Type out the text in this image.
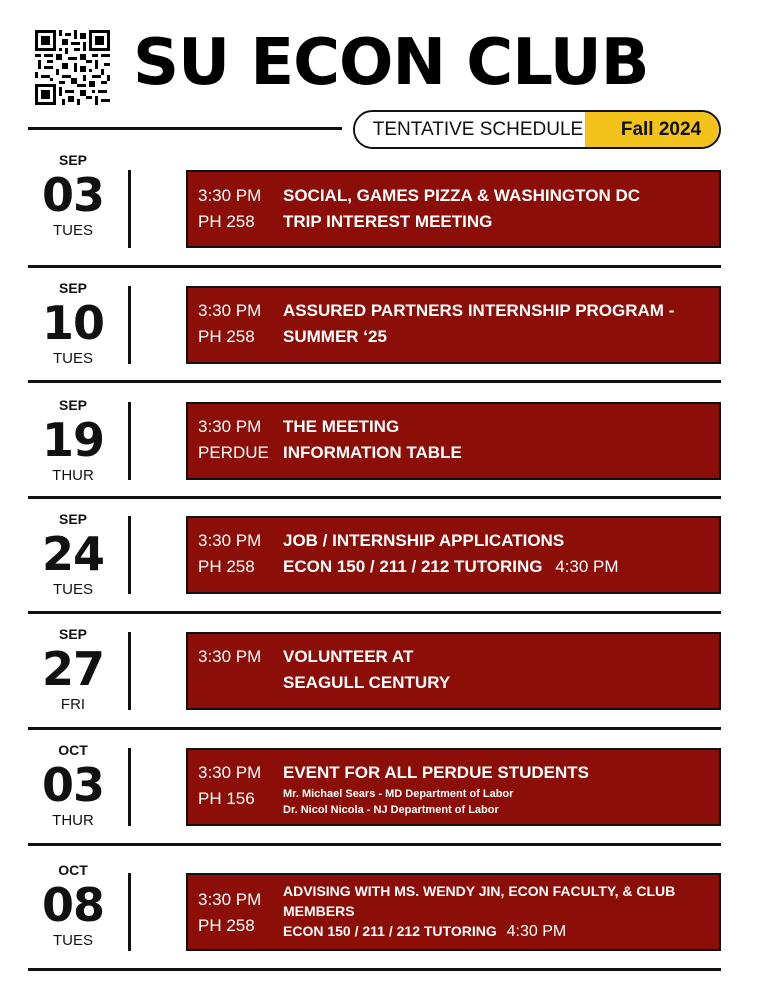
SU ECON CLUB
TENTATIVE SCHEDULE	Fall 2024
SEP
03
TUES
3:30 PM
PH 258
SOCIAL, GAMES PIZZA & WASHINGTON DC
TRIP INTEREST MEETING
SEP
10
TUES
3:30 PM
PH 258
ASSURED PARTNERS INTERNSHIP PROGRAM -
SUMMER ‘25
SEP
19
THUR
3:30 PM
PERDUE
THE MEETING
INFORMATION TABLE
SEP
24
TUES
3:30 PM
PH 258
JOB / INTERNSHIP APPLICATIONS
ECON 150 / 211 / 212 TUTORING 4:30 PM
SEP
27
FRI
3:30 PM	VOLUNTEER AT
SEAGULL CENTURY
OCT
03
THUR
3:30 PM
PH 156
EVENT FOR ALL PERDUE STUDENTS
Mr. Michael Sears - MD Department of Labor
Dr. Nicol Nicola - NJ Department of Labor
OCT
08
TUES
3:30 PM
PH 258
ADVISING WITH MS. WENDY JIN, ECON FACULTY, & CLUB
MEMBERS
ECON 150 / 211 / 212 TUTORING 4:30 PM
